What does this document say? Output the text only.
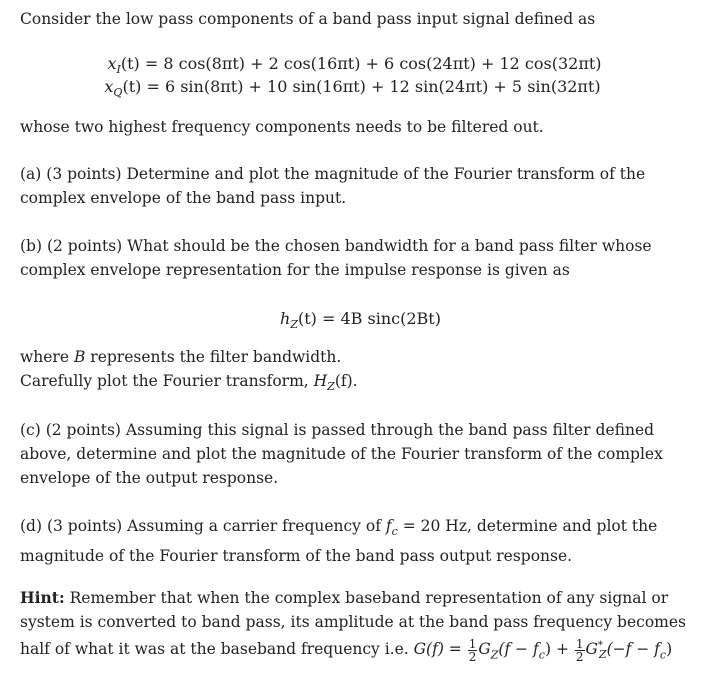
Consider the low pass components of a band pass input signal defined as

$x_I(t) = 8$ cos(8πt) + 2 cos(16πt) + 6 cos(24πt) + 12 cos(32πt)
$x_Q(t) = 6$ sin(8πt) + 10 sin(16πt) + 12 sin(24πt) + 5 sin(32πt)

whose two highest frequency components needs to be filtered out.

(a) (3 points) Determine and plot the magnitude of the Fourier transform of the complex envelope of the band pass input.

(b) (2 points) What should be the chosen bandwidth for a band pass filter whose complex envelope representation for the impulse response is given as

$h_Z(t) = 4B$ sinc(2Bt)

where B represents the filter bandwidth.

Carefully plot the Fourier transform, $H_Z(f)$.

(c) (2 points) Assuming this signal is passed through the band pass filter defined above, determine and plot the magnitude of the Fourier transform of the complex envelope of the output response.

(d) (3 points) Assuming a carrier frequency of $f_c = 20$ Hz, determine and plot the magnitude of the Fourier transform of the band pass output response.

Hint: Remember that when the complex baseband representation of any signal or system is converted to band pass, its amplitude at the band pass frequency becomes half of what it was at the baseband frequency i.e. $G(f) = \frac{1}{2} G_Z(f - f_c) + \frac{1}{2} G^*_Z(-f - f_c)$
